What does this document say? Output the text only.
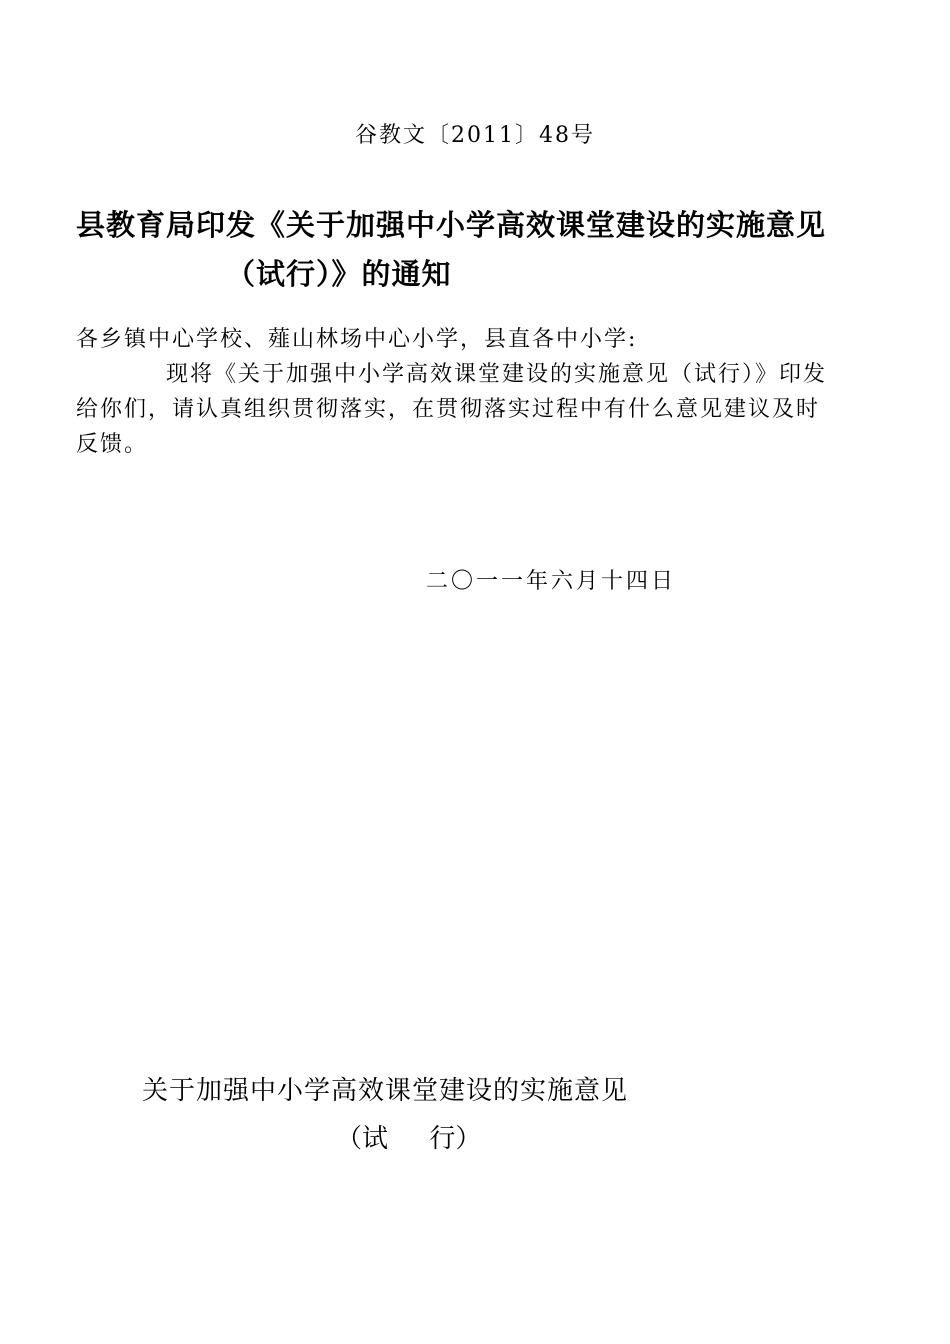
谷教文〔2011〕48号
县教育局印发《关于加强中小学高效课堂建设的实施意见
（试行）》的通知
各乡镇中心学校、薤山林场中心小学，县直各中小学:
现将《关于加强中小学高效课堂建设的实施意见（试行）》印发
给你们，请认真组织贯彻落实，在贯彻落实过程中有什么意见建议及时
反馈。
二〇一一年六月十四日
关于加强中小学高效课堂建设的实施意见
（试     行）
